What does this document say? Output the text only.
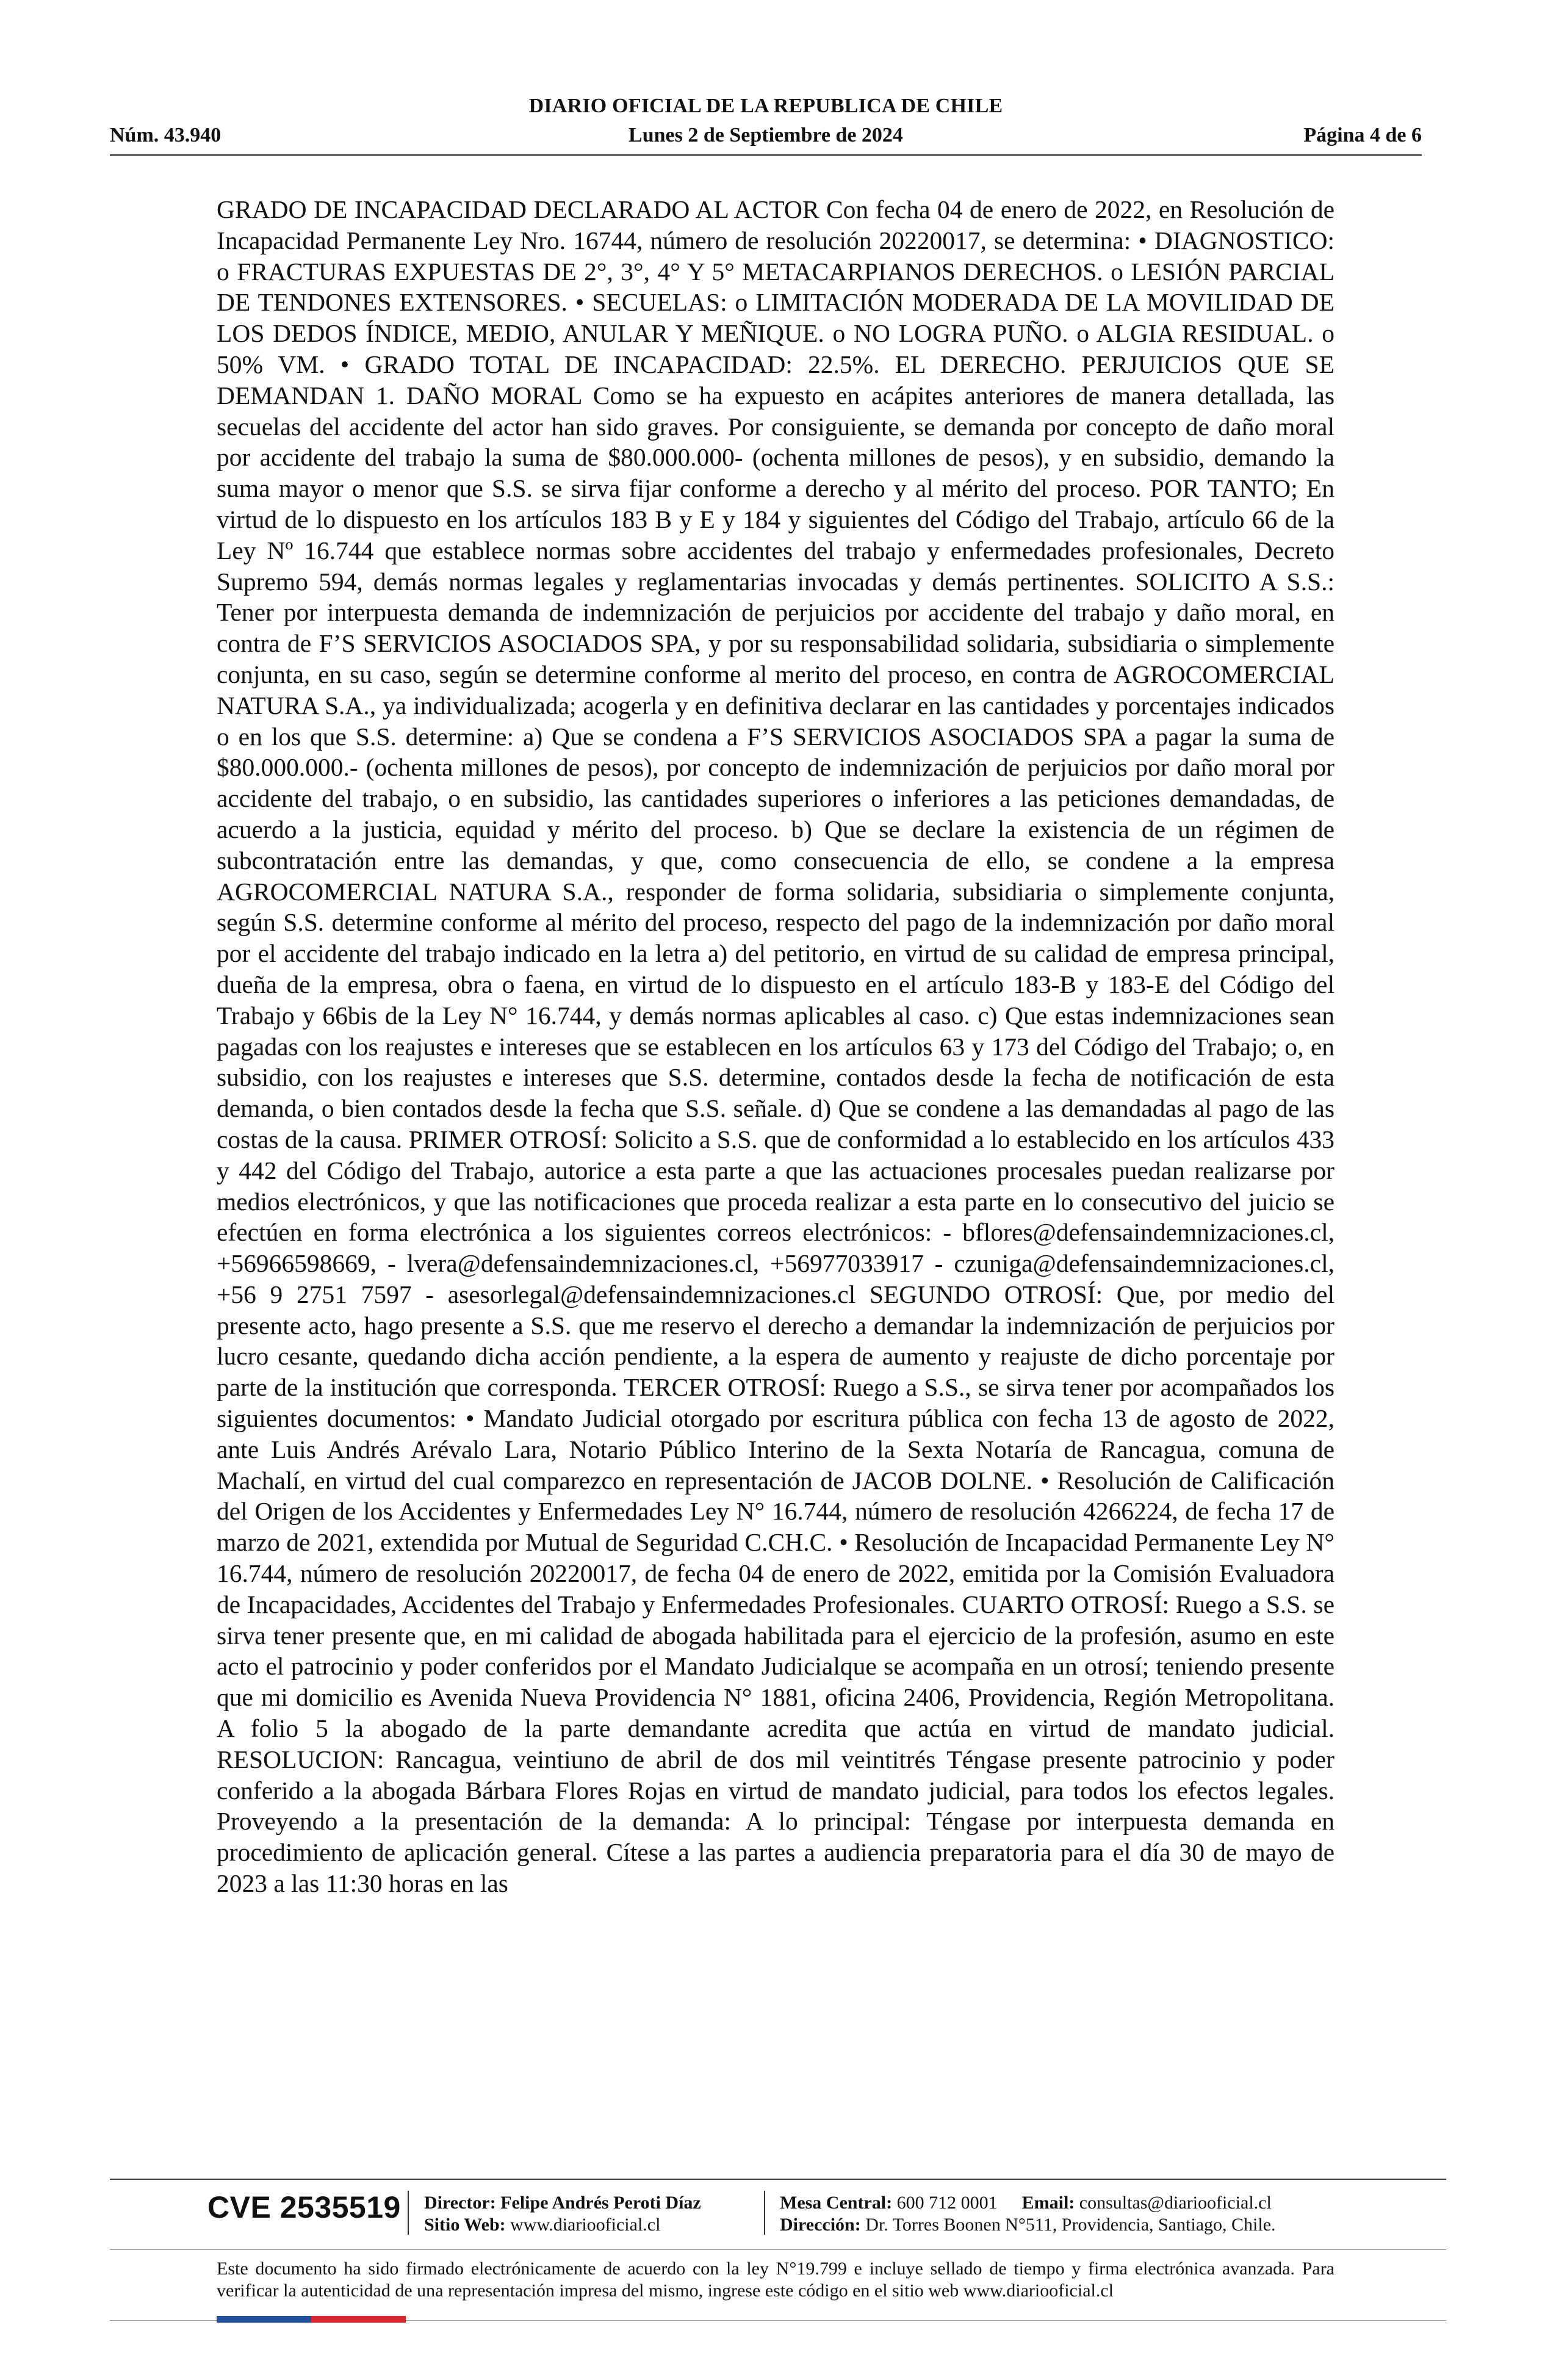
DIARIO OFICIAL DE LA REPUBLICA DE CHILE
Núm. 43.940	Lunes 2 de Septiembre de 2024	Página 4 de 6
GRADO DE INCAPACIDAD DECLARADO AL ACTOR Con fecha 04 de enero de 2022, en Resolución de Incapacidad Permanente Ley Nro. 16744, número de resolución 20220017, se determina: • DIAGNOSTICO: o FRACTURAS EXPUESTAS DE 2°, 3°, 4° Y 5° METACARPIANOS DERECHOS. o LESIÓN PARCIAL DE TENDONES EXTENSORES. • SECUELAS: o LIMITACIÓN MODERADA DE LA MOVILIDAD DE LOS DEDOS ÍNDICE, MEDIO, ANULAR Y MEÑIQUE. o NO LOGRA PUÑO. o ALGIA RESIDUAL. o 50% VM. • GRADO TOTAL DE INCAPACIDAD: 22.5%. EL DERECHO. PERJUICIOS QUE SE DEMANDAN 1. DAÑO MORAL Como se ha expuesto en acápites anteriores de manera detallada, las secuelas del accidente del actor han sido graves. Por consiguiente, se demanda por concepto de daño moral por accidente del trabajo la suma de $80.000.000- (ochenta millones de pesos), y en subsidio, demando la suma mayor o menor que S.S. se sirva fijar conforme a derecho y al mérito del proceso. POR TANTO; En virtud de lo dispuesto en los artículos 183 B y E y 184 y siguientes del Código del Trabajo, artículo 66 de la Ley Nº 16.744 que establece normas sobre accidentes del trabajo y enfermedades profesionales, Decreto Supremo 594, demás normas legales y reglamentarias invocadas y demás pertinentes. SOLICITO A S.S.: Tener por interpuesta demanda de indemnización de perjuicios por accidente del trabajo y daño moral, en contra de F’S SERVICIOS ASOCIADOS SPA, y por su responsabilidad solidaria, subsidiaria o simplemente conjunta, en su caso, según se determine conforme al merito del proceso, en contra de AGROCOMERCIAL NATURA S.A., ya individualizada; acogerla y en definitiva declarar en las cantidades y porcentajes indicados o en los que S.S. determine: a) Que se condena a F’S SERVICIOS ASOCIADOS SPA a pagar la suma de $80.000.000.- (ochenta millones de pesos), por concepto de indemnización de perjuicios por daño moral por accidente del trabajo, o en subsidio, las cantidades superiores o inferiores a las peticiones demandadas, de acuerdo a la justicia, equidad y mérito del proceso. b) Que se declare la existencia de un régimen de subcontratación entre las demandas, y que, como consecuencia de ello, se condene a la empresa AGROCOMERCIAL NATURA S.A., responder de forma solidaria, subsidiaria o simplemente conjunta, según S.S. determine conforme al mérito del proceso, respecto del pago de la indemnización por daño moral por el accidente del trabajo indicado en la letra a) del petitorio, en virtud de su calidad de empresa principal, dueña de la empresa, obra o faena, en virtud de lo dispuesto en el artículo 183-B y 183-E del Código del Trabajo y 66bis de la Ley N° 16.744, y demás normas aplicables al caso. c) Que estas indemnizaciones sean pagadas con los reajustes e intereses que se establecen en los artículos 63 y 173 del Código del Trabajo; o, en subsidio, con los reajustes e intereses que S.S. determine, contados desde la fecha de notificación de esta demanda, o bien contados desde la fecha que S.S. señale. d) Que se condene a las demandadas al pago de las costas de la causa. PRIMER OTROSÍ: Solicito a S.S. que de conformidad a lo establecido en los artículos 433 y 442 del Código del Trabajo, autorice a esta parte a que las actuaciones procesales puedan realizarse por medios electrónicos, y que las notificaciones que proceda realizar a esta parte en lo consecutivo del juicio se efectúen en forma electrónica a los siguientes correos electrónicos: - bflores@defensaindemnizaciones.cl, +56966598669, - lvera@defensaindemnizaciones.cl, +56977033917 - czuniga@defensaindemnizaciones.cl, +56 9 2751 7597 - asesorlegal@defensaindemnizaciones.cl SEGUNDO OTROSÍ: Que, por medio del presente acto, hago presente a S.S. que me reservo el derecho a demandar la indemnización de perjuicios por lucro cesante, quedando dicha acción pendiente, a la espera de aumento y reajuste de dicho porcentaje por parte de la institución que corresponda. TERCER OTROSÍ: Ruego a S.S., se sirva tener por acompañados los siguientes documentos: • Mandato Judicial otorgado por escritura pública con fecha 13 de agosto de 2022, ante Luis Andrés Arévalo Lara, Notario Público Interino de la Sexta Notaría de Rancagua, comuna de Machalí, en virtud del cual comparezco en representación de JACOB DOLNE. • Resolución de Calificación del Origen de los Accidentes y Enfermedades Ley N° 16.744, número de resolución 4266224, de fecha 17 de marzo de 2021, extendida por Mutual de Seguridad C.CH.C. • Resolución de Incapacidad Permanente Ley N° 16.744, número de resolución 20220017, de fecha 04 de enero de 2022, emitida por la Comisión Evaluadora de Incapacidades, Accidentes del Trabajo y Enfermedades Profesionales. CUARTO OTROSÍ: Ruego a S.S. se sirva tener presente que, en mi calidad de abogada habilitada para el ejercicio de la profesión, asumo en este acto el patrocinio y poder conferidos por el Mandato Judicialque se acompaña en un otrosí; teniendo presente que mi domicilio es Avenida Nueva Providencia N° 1881, oficina 2406, Providencia, Región Metropolitana. A folio 5 la abogado de la parte demandante acredita que actúa en virtud de mandato judicial. RESOLUCION: Rancagua, veintiuno de abril de dos mil veintitrés Téngase presente patrocinio y poder conferido a la abogada Bárbara Flores Rojas en virtud de mandato judicial, para todos los efectos legales. Proveyendo a la presentación de la demanda: A lo principal: Téngase por interpuesta demanda en procedimiento de aplicación general. Cítese a las partes a audiencia preparatoria para el día 30 de mayo de 2023 a las 11:30 horas en las
CVE 2535519 Director: Felipe Andrés Peroti Díaz
Sitio Web: www.diariooficial.cl
Mesa Central: 600 712 0001 Email: consultas@diariooficial.cl
Dirección: Dr. Torres Boonen N°511, Providencia, Santiago, Chile.
Este documento ha sido firmado electrónicamente de acuerdo con la ley N°19.799 e incluye sellado de tiempo y firma electrónica avanzada. Para verificar la autenticidad de una representación impresa del mismo, ingrese este código en el sitio web www.diariooficial.cl
